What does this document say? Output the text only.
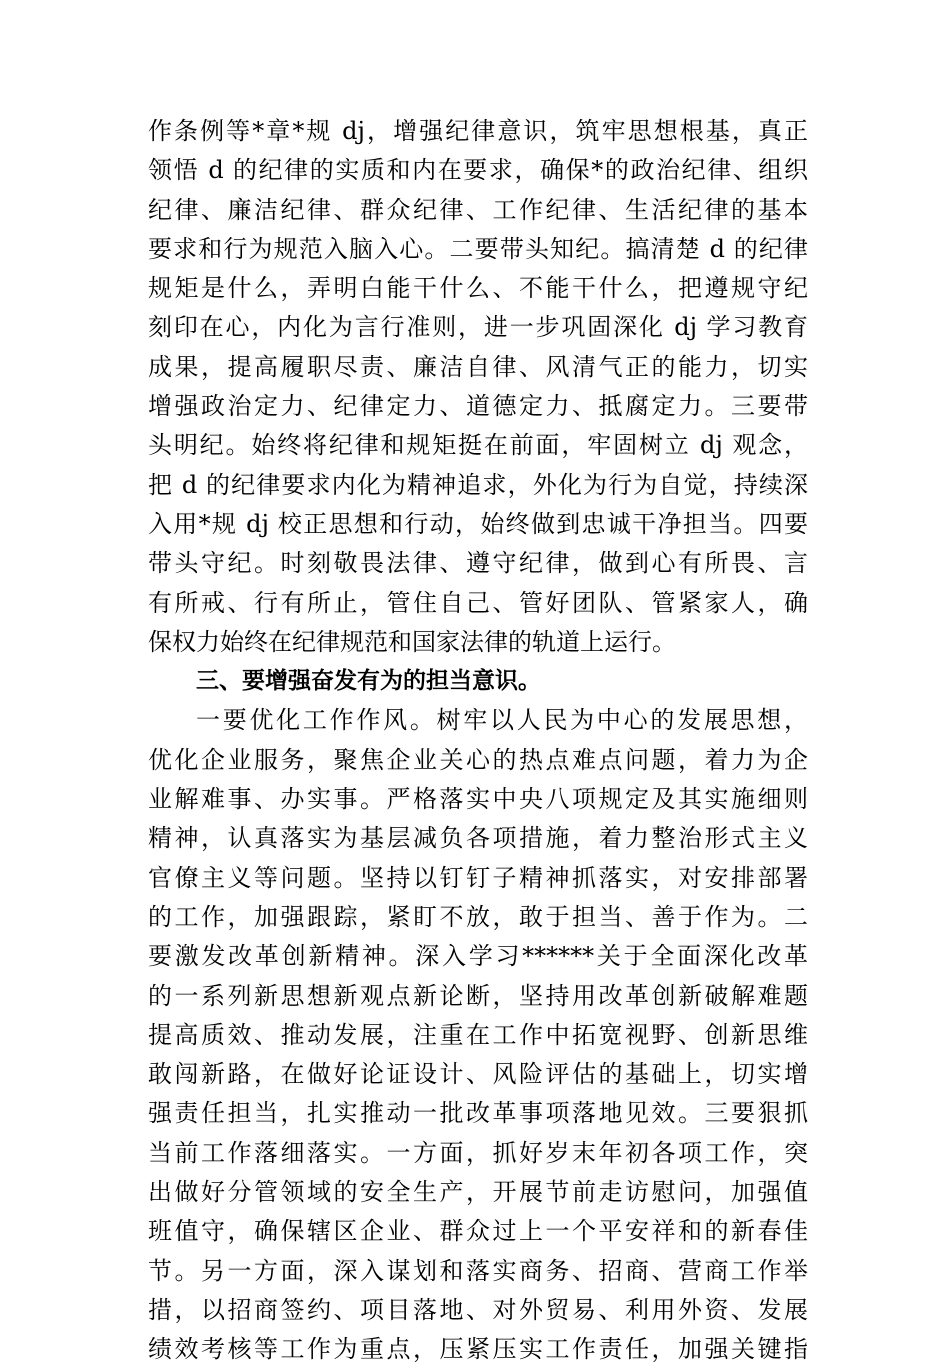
作条例等*章*规 dj，增强纪律意识，筑牢思想根基，真正
领悟 d 的纪律的实质和内在要求，确保*的政治纪律、组织
纪律、廉洁纪律、群众纪律、工作纪律、生活纪律的基本
要求和行为规范入脑入心。二要带头知纪。搞清楚 d 的纪律
规矩是什么，弄明白能干什么、不能干什么，把遵规守纪
刻印在心，内化为言行准则，进一步巩固深化 dj 学习教育
成果，提高履职尽责、廉洁自律、风清气正的能力，切实
增强政治定力、纪律定力、道德定力、抵腐定力。三要带
头明纪。始终将纪律和规矩挺在前面，牢固树立 dj 观念，
把 d 的纪律要求内化为精神追求，外化为行为自觉，持续深
入用*规 dj 校正思想和行动，始终做到忠诚干净担当。四要
带头守纪。时刻敬畏法律、遵守纪律，做到心有所畏、言
有所戒、行有所止，管住自己、管好团队、管紧家人，确
保权力始终在纪律规范和国家法律的轨道上运行。
三、要增强奋发有为的担当意识。
一要优化工作作风。树牢以人民为中心的发展思想，
优化企业服务，聚焦企业关心的热点难点问题，着力为企
业解难事、办实事。严格落实中央八项规定及其实施细则
精神，认真落实为基层减负各项措施，着力整治形式主义
官僚主义等问题。坚持以钉钉子精神抓落实，对安排部署
的工作，加强跟踪，紧盯不放，敢于担当、善于作为。二
要激发改革创新精神。深入学习******关于全面深化改革
的一系列新思想新观点新论断，坚持用改革创新破解难题
提高质效、推动发展，注重在工作中拓宽视野、创新思维
敢闯新路，在做好论证设计、风险评估的基础上，切实增
强责任担当，扎实推动一批改革事项落地见效。三要狠抓
当前工作落细落实。一方面，抓好岁末年初各项工作，突
出做好分管领域的安全生产，开展节前走访慰问，加强值
班值守，确保辖区企业、群众过上一个平安祥和的新春佳
节。另一方面，深入谋划和落实商务、招商、营商工作举
措，以招商签约、项目落地、对外贸易、利用外资、发展
绩效考核等工作为重点，压紧压实工作责任，加强关键指
